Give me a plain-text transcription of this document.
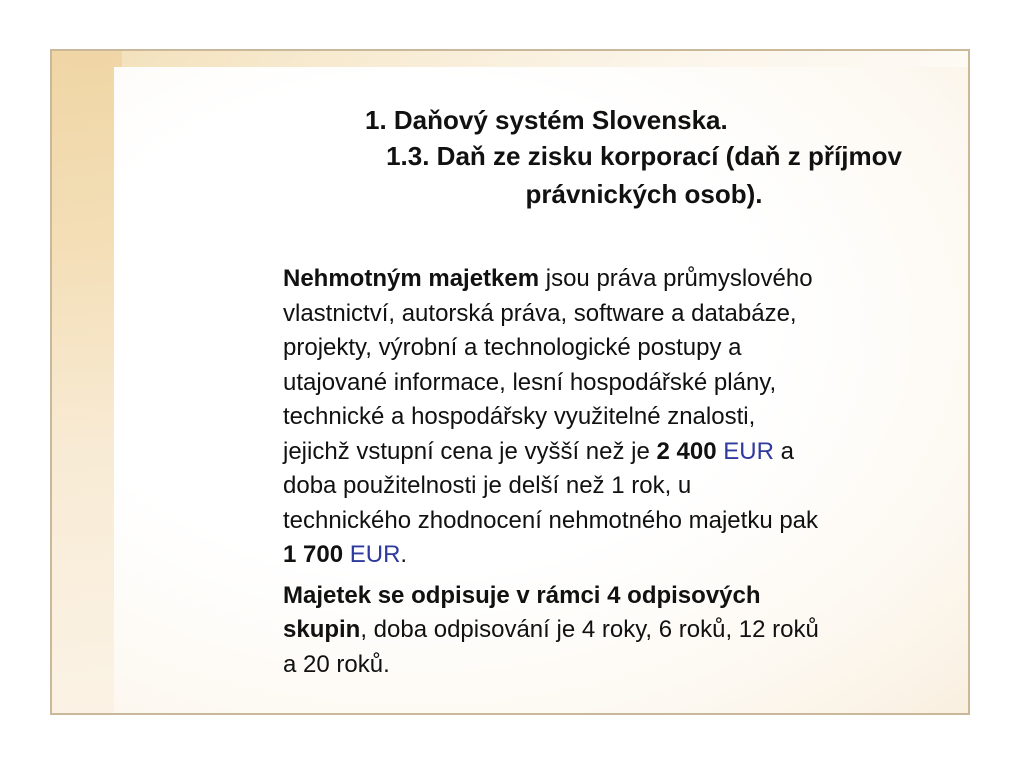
1. Daňový systém Slovenska.
1.3. Daň ze zisku korporací (daň z příjmov
právnických osob).

Nehmotným majetkem jsou práva průmyslového
vlastnictví, autorská práva, software a databáze,
projekty, výrobní a technologické postupy a
utajované informace, lesní hospodářské plány,
technické a hospodářsky využitelné znalosti,
jejichž vstupní cena je vyšší než je 2 400 EUR a
doba použitelnosti je delší než 1 rok, u
technického zhodnocení nehmotného majetku pak
1 700 EUR.

Majetek se odpisuje v rámci 4 odpisových
skupin, doba odpisování je 4 roky, 6 roků, 12 roků
a 20 roků.
